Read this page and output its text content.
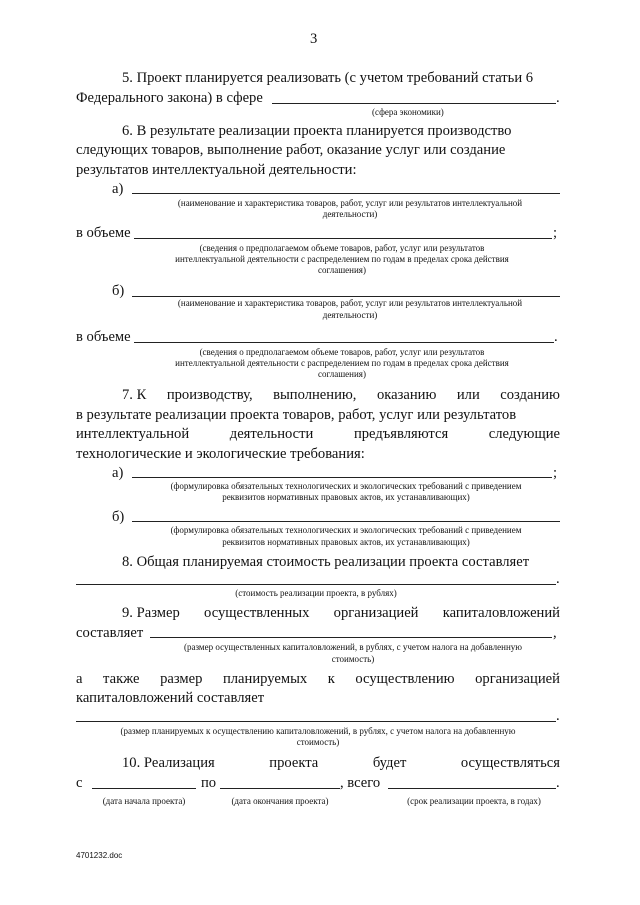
3
5. Проект планируется реализовать (с учетом требований статьи 6
Федерального закона) в сфере	.
(сфера экономики)
6. В результате реализации проекта планируется производство
следующих товаров, выполнение работ, оказание услуг или создание
результатов интеллектуальной деятельности:
а)
(наименование и характеристика товаров, работ, услуг или результатов интеллектуальной
деятельности)
в объеме	;
(сведения о предполагаемом объеме товаров, работ, услуг или результатов
интеллектуальной деятельности с распределением по годам в пределах срока действия
соглашения)
б)
(наименование и характеристика товаров, работ, услуг или результатов интеллектуальной
деятельности)
в объеме	.
(сведения о предполагаемом объеме товаров, работ, услуг или результатов
интеллектуальной деятельности с распределением по годам в пределах срока действия
соглашения)
7. К производству, выполнению, оказанию или созданию
в результате реализации проекта товаров, работ, услуг или результатов
интеллектуальной	деятельности	предъявляются	следующие
технологические и экологические требования:
а)	;
(формулировка обязательных технологических и экологических требований с приведением
реквизитов нормативных правовых актов, их устанавливающих)
б)
(формулировка обязательных технологических и экологических требований с приведением
реквизитов нормативных правовых актов, их устанавливающих)
8. Общая планируемая стоимость реализации проекта составляет
.
(стоимость реализации проекта, в рублях)
9. Размер осуществленных организацией капиталовложений
составляет	,
(размер осуществленных капиталовложений, в рублях, с учетом налога на добавленную
стоимость)
а также размер планируемых к осуществлению организацией
капиталовложений составляет
.
(размер планируемых к осуществлению капиталовложений, в рублях, с учетом налога на добавленную
стоимость)
10. Реализация	проекта	будет	осуществляться
с	по	, всего	.
(дата начала проекта)	(дата окончания проекта)	(срок реализации проекта, в годах)
4701232.doc
